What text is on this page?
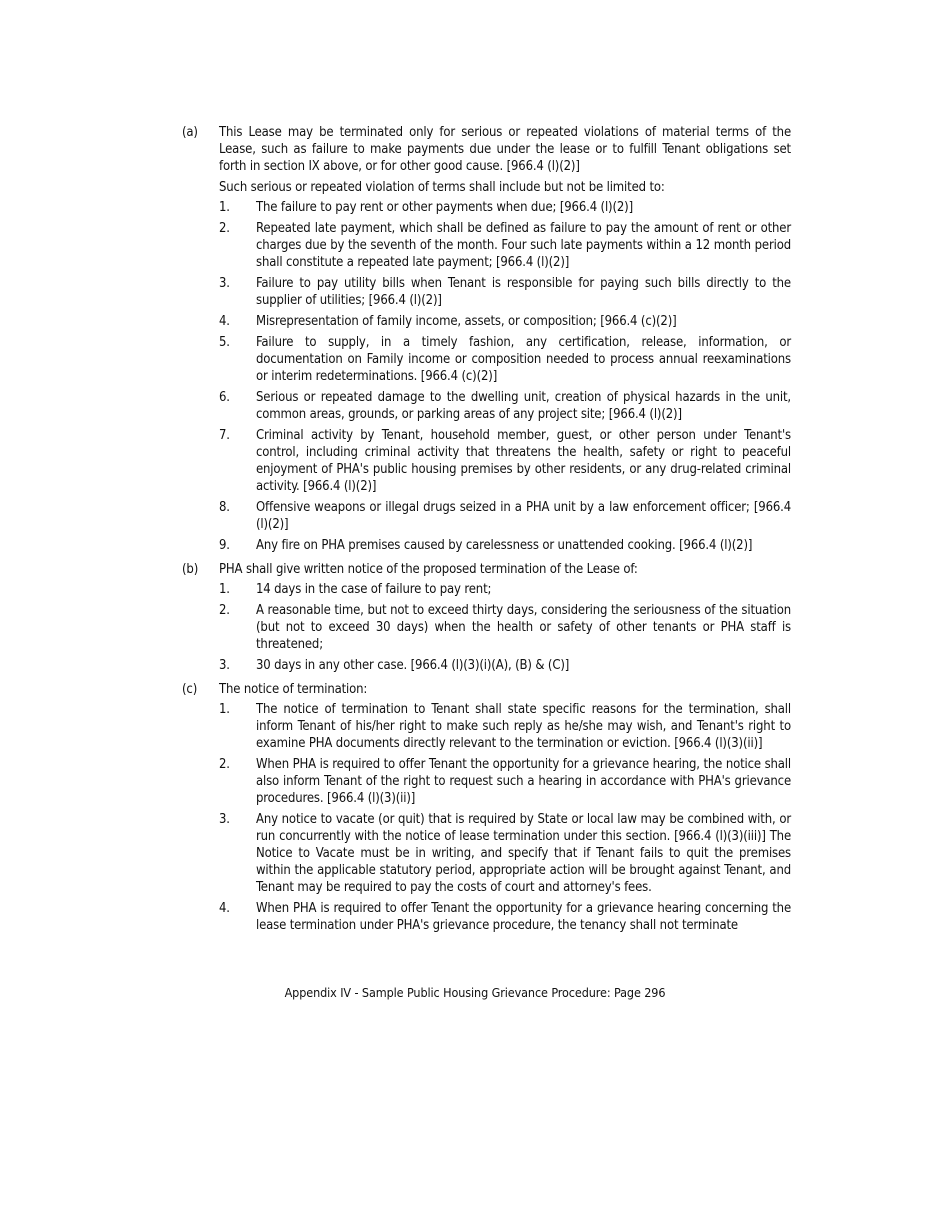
(a)	This Lease may be terminated only for serious or repeated violations of material terms of the Lease, such as failure to make payments due under the lease or to fulfill Tenant obligations set forth in section IX above, or for other good cause. [966.4 (l)(2)]
Such serious or repeated violation of terms shall include but not be limited to:
1.	The failure to pay rent or other payments when due; [966.4 (l)(2)]
2.	Repeated late payment, which shall be defined as failure to pay the amount of rent or other charges due by the seventh of the month. Four such late payments within a 12 month period shall constitute a repeated late payment; [966.4 (l)(2)]
3.	Failure to pay utility bills when Tenant is responsible for paying such bills directly to the supplier of utilities; [966.4 (l)(2)]
4.	Misrepresentation of family income, assets, or composition; [966.4 (c)(2)]
5.	Failure to supply, in a timely fashion, any certification, release, information, or documentation on Family income or composition needed to process annual reexaminations or interim redeterminations. [966.4 (c)(2)]
6.	Serious or repeated damage to the dwelling unit, creation of physical hazards in the unit, common areas, grounds, or parking areas of any project site; [966.4 (l)(2)]
7.	Criminal activity by Tenant, household member, guest, or other person under Tenant's control, including criminal activity that threatens the health, safety or right to peaceful enjoyment of PHA's public housing premises by other residents, or any drug-related criminal activity. [966.4 (l)(2)]
8.	Offensive weapons or illegal drugs seized in a PHA unit by a law enforcement officer; [966.4 (l)(2)]
9.	Any fire on PHA premises caused by carelessness or unattended cooking. [966.4 (l)(2)]
(b)	PHA shall give written notice of the proposed termination of the Lease of:
1.	14 days in the case of failure to pay rent;
2.	A reasonable time, but not to exceed thirty days, considering the seriousness of the situation (but not to exceed 30 days) when the health or safety of other tenants or PHA staff is threatened;
3.	30 days in any other case. [966.4 (l)(3)(i)(A), (B) & (C)]
(c)	The notice of termination:
1.	The notice of termination to Tenant shall state specific reasons for the termination, shall inform Tenant of his/her right to make such reply as he/she may wish, and Tenant's right to examine PHA documents directly relevant to the termination or eviction. [966.4 (l)(3)(ii)]
2.	When PHA is required to offer Tenant the opportunity for a grievance hearing, the notice shall also inform Tenant of the right to request such a hearing in accordance with PHA's grievance procedures. [966.4 (l)(3)(ii)]
3.	Any notice to vacate (or quit) that is required by State or local law may be combined with, or run concurrently with the notice of lease termination under this section. [966.4 (l)(3)(iii)] The Notice to Vacate must be in writing, and specify that if Tenant fails to quit the premises within the applicable statutory period, appropriate action will be brought against Tenant, and Tenant may be required to pay the costs of court and attorney's fees.
4.	When PHA is required to offer Tenant the opportunity for a grievance hearing concerning the lease termination under PHA's grievance procedure, the tenancy shall not terminate
Appendix IV - Sample Public Housing Grievance Procedure: Page 296
